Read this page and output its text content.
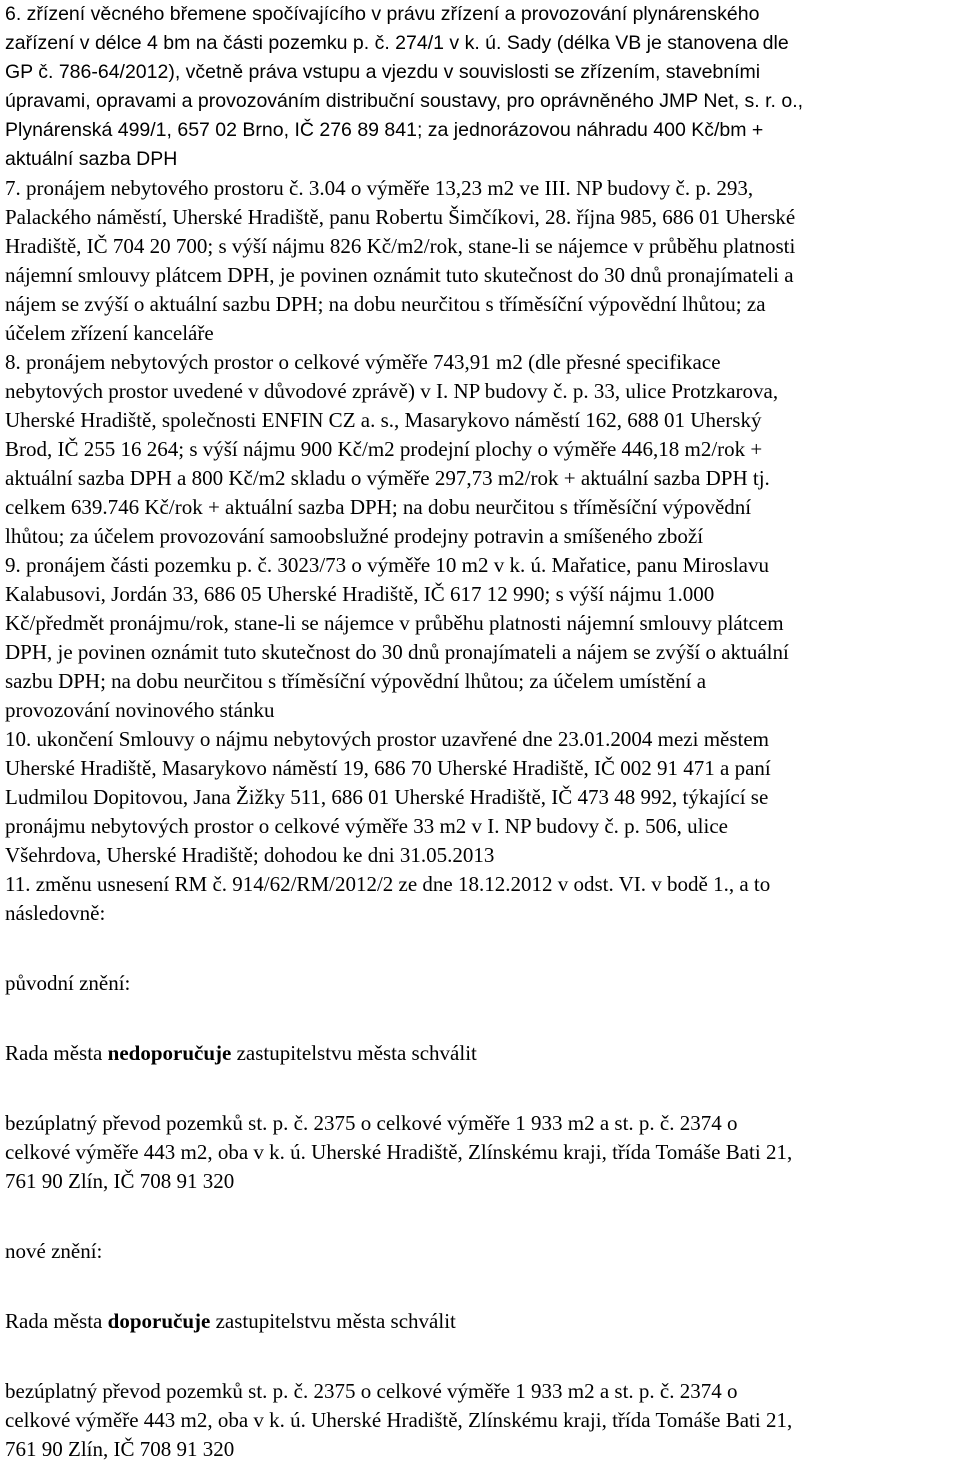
6. zřízení věcného břemene spočívajícího v právu zřízení a provozování plynárenského
zařízení v délce 4 bm na části pozemku p. č. 274/1 v k. ú. Sady (délka VB je stanovena dle
GP č. 786-64/2012), včetně práva vstupu a vjezdu v souvislosti se zřízením, stavebními
úpravami, opravami a provozováním distribuční soustavy, pro oprávněného JMP Net, s. r. o.,
Plynárenská 499/1, 657 02 Brno, IČ 276 89 841; za jednorázovou náhradu 400 Kč/bm +
aktuální sazba DPH
7. pronájem nebytového prostoru č. 3.04 o výměře 13,23 m2 ve III. NP budovy č. p. 293,
Palackého náměstí, Uherské Hradiště, panu Robertu Šimčíkovi, 28. října 985, 686 01 Uherské
Hradiště, IČ 704 20 700; s výší nájmu 826 Kč/m2/rok, stane-li se nájemce v průběhu platnosti
nájemní smlouvy plátcem DPH, je povinen oznámit tuto skutečnost do 30 dnů pronajímateli a
nájem se zvýší o aktuální sazbu DPH; na dobu neurčitou s tříměsíční výpovědní lhůtou; za
účelem zřízení kanceláře
8. pronájem nebytových prostor o celkové výměře 743,91 m2 (dle přesné specifikace
nebytových prostor uvedené v důvodové zprávě) v I. NP budovy č. p. 33, ulice Protzkarova,
Uherské Hradiště, společnosti ENFIN CZ a. s., Masarykovo náměstí 162, 688 01 Uherský
Brod, IČ 255 16 264; s výší nájmu 900 Kč/m2 prodejní plochy o výměře 446,18 m2/rok +
aktuální sazba DPH a 800 Kč/m2 skladu o výměře 297,73 m2/rok + aktuální sazba DPH tj.
celkem 639.746 Kč/rok + aktuální sazba DPH; na dobu neurčitou s tříměsíční výpovědní
lhůtou; za účelem provozování samoobslužné prodejny potravin a smíšeného zboží
9. pronájem části pozemku p. č. 3023/73 o výměře 10 m2 v k. ú. Mařatice, panu Miroslavu
Kalabusovi, Jordán 33, 686 05 Uherské Hradiště, IČ 617 12 990; s výší nájmu 1.000
Kč/předmět pronájmu/rok, stane-li se nájemce v průběhu platnosti nájemní smlouvy plátcem
DPH, je povinen oznámit tuto skutečnost do 30 dnů pronajímateli a nájem se zvýší o aktuální
sazbu DPH; na dobu neurčitou s tříměsíční výpovědní lhůtou; za účelem umístění a
provozování novinového stánku
10. ukončení Smlouvy o nájmu nebytových prostor uzavřené dne 23.01.2004 mezi městem
Uherské Hradiště, Masarykovo náměstí 19, 686 70 Uherské Hradiště, IČ 002 91 471 a paní
Ludmilou Dopitovou, Jana Žižky 511, 686 01 Uherské Hradiště, IČ 473 48 992, týkající se
pronájmu nebytových prostor o celkové výměře 33 m2 v I. NP budovy č. p. 506, ulice
Všehrdova, Uherské Hradiště; dohodou ke dni 31.05.2013
11. změnu usnesení RM č. 914/62/RM/2012/2 ze dne 18.12.2012 v odst. VI. v bodě 1., a to
následovně:
původní znění:
Rada města nedoporučuje zastupitelstvu města schválit
bezúplatný převod pozemků st. p. č. 2375 o celkové výměře 1 933 m2 a st. p. č. 2374 o
celkové výměře 443 m2, oba v k. ú. Uherské Hradiště, Zlínskému kraji, třída Tomáše Bati 21,
761 90 Zlín, IČ 708 91 320
nové znění:
Rada města doporučuje zastupitelstvu města schválit
bezúplatný převod pozemků st. p. č. 2375 o celkové výměře 1 933 m2 a st. p. č. 2374 o
celkové výměře 443 m2, oba v k. ú. Uherské Hradiště, Zlínskému kraji, třída Tomáše Bati 21,
761 90 Zlín, IČ 708 91 320
